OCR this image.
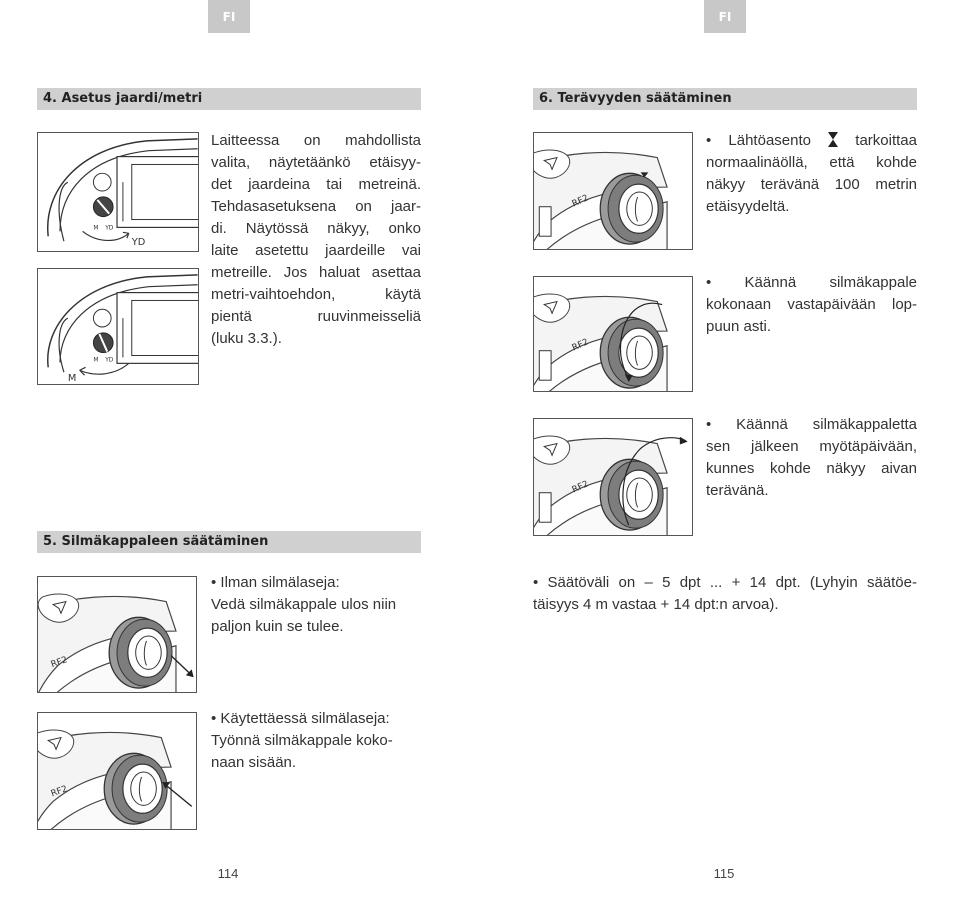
FI
4. Asetus jaardi/metri
M YD
YD
M YD
M
Laitteessa on mahdollista
valita, näytetäänkö etäisyy-
det jaardeina tai metreinä.
Tehdasasetuksena on jaar-
di. Näytössä näkyy, onko
laite asetettu jaardeille vai
metreille. Jos haluat asettaa
metri-vaihtoehdon, käytä
pientä ruuvinmeisseliä
(luku 3.3.).
5. Silmäkappaleen säätäminen
RF2
• Ilman silmälaseja:
Vedä silmäkappale ulos niin
paljon kuin se tulee.
RF2
• Käytettäessä silmälaseja:
Työnnä silmäkappale koko-
naan sisään.
114
FI
6. Terävyyden säätäminen
RF2
• Lähtöasento	tarkoittaa
normaalinäöllä, että kohde
näkyy terävänä 100 metrin
etäisyydeltä.
RF2
• Käännä silmäkappale
kokonaan vastapäivään lop-
puun asti.
RF2
• Käännä silmäkappaletta
sen jälkeen myötäpäivään,
kunnes kohde näkyy aivan
terävänä.
• Säätöväli on – 5 dpt ... + 14 dpt. (Lyhyin säätöe-
täisyys 4 m vastaa + 14 dpt:n arvoa).
115
